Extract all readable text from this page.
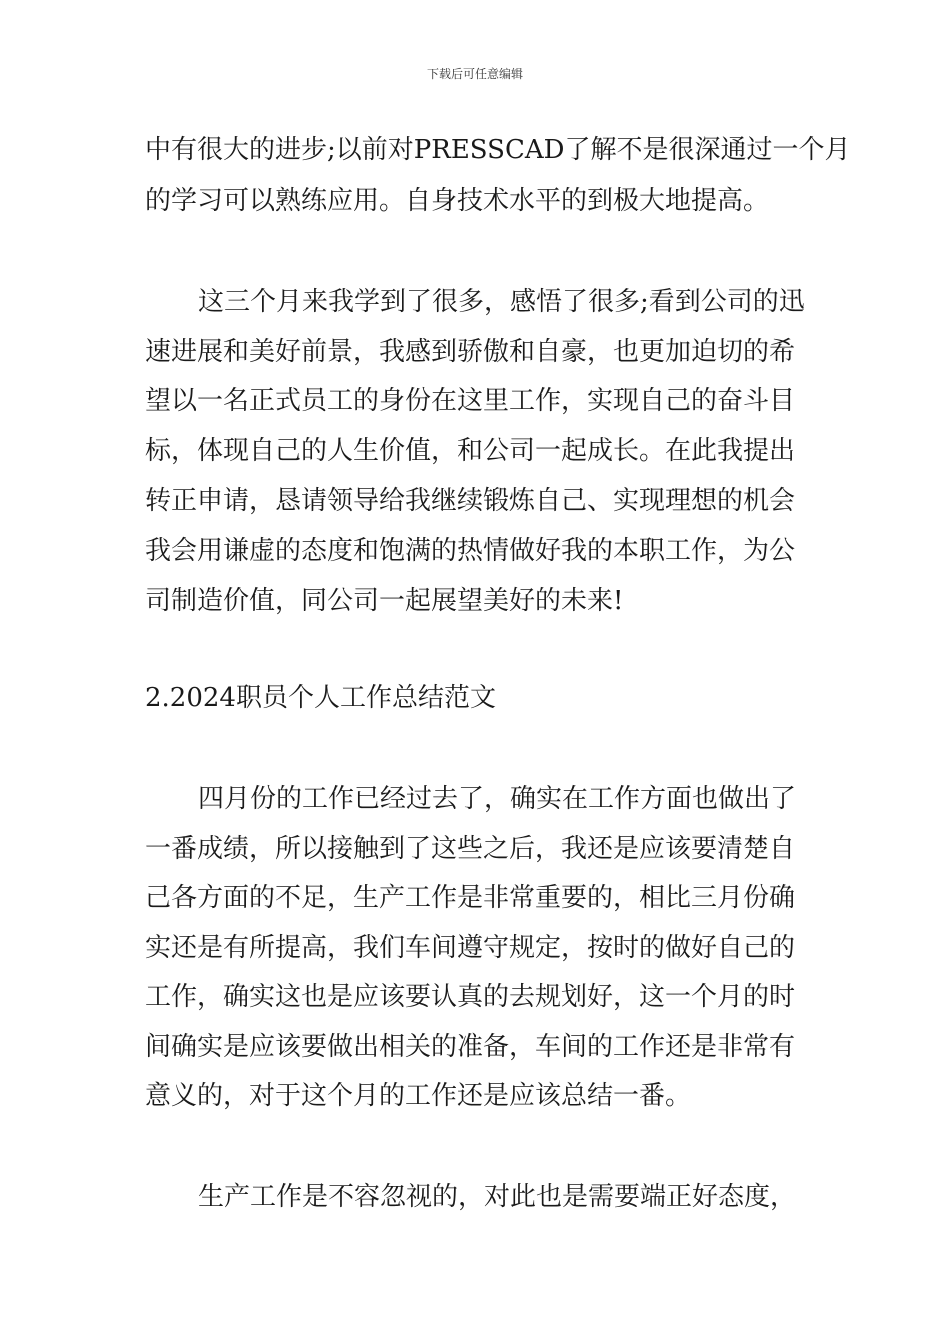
下载后可任意编辑
中有很大的进步;以前对PRESSCAD了解不是很深通过一个月
的学习可以熟练应用。自身技术水平的到极大地提高。
这三个月来我学到了很多，感悟了很多;看到公司的迅
速进展和美好前景，我感到骄傲和自豪，也更加迫切的希
望以一名正式员工的身份在这里工作，实现自己的奋斗目
标，体现自己的人生价值，和公司一起成长。在此我提出
转正申请，恳请领导给我继续锻炼自己、实现理想的机会
我会用谦虚的态度和饱满的热情做好我的本职工作，为公
司制造价值，同公司一起展望美好的未来!
2.2024职员个人工作总结范文
四月份的工作已经过去了，确实在工作方面也做出了
一番成绩，所以接触到了这些之后，我还是应该要清楚自
己各方面的不足，生产工作是非常重要的，相比三月份确
实还是有所提高，我们车间遵守规定，按时的做好自己的
工作，确实这也是应该要认真的去规划好，这一个月的时
间确实是应该要做出相关的准备，车间的工作还是非常有
意义的，对于这个月的工作还是应该总结一番。
生产工作是不容忽视的，对此也是需要端正好态度，
